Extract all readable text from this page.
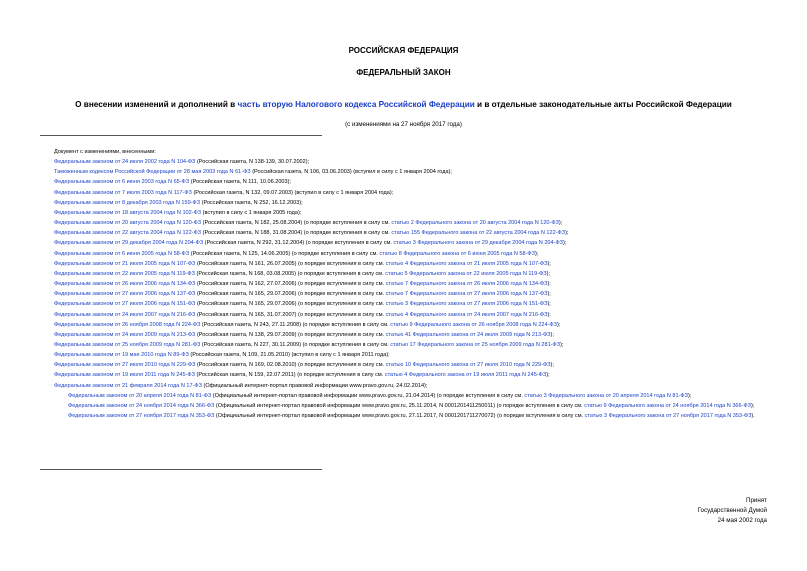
РОССИЙСКАЯ ФЕДЕРАЦИЯ
ФЕДЕРАЛЬНЫЙ ЗАКОН
О внесении изменений и дополнений в часть вторую Налогового кодекса Российской Федерации и в отдельные законодательные акты Российской Федерации
(с изменениями на 27 ноября 2017 года)
Документ с изменениями, внесенными:
Федеральным законом от 24 июля 2002 года N 104-ФЗ (Российская газета, N 138-139, 30.07.2002);
Таможенным кодексом Российской Федерации от 28 мая 2003 года N 61-ФЗ (Российская газета, N 106, 03.06.2003) (вступил в силу с 1 января 2004 года);
Федеральным законом от 6 июня 2003 года N 65-ФЗ (Российская газета, N 111, 10.06.2003);
Федеральным законом от 7 июля 2003 года N 117-ФЗ (Российская газета, N 132, 09.07.2003) (вступил в силу с 1 января 2004 года);
Федеральным законом от 8 декабря 2003 года N 159-ФЗ (Российская газета, N 252, 16.12.2003);
Федеральным законом от 18 августа 2004 года N 102-ФЗ (вступил в силу с 1 января 2005 года);
Федеральным законом от 20 августа 2004 года N 120-ФЗ (Российская газета, N 182, 25.08.2004) (о порядке вступления в силу см. статью 2 Федерального закона от 20 августа 2004 года N 120-ФЗ);
Федеральным законом от 22 августа 2004 года N 122-ФЗ (Российская газета, N 188, 31.08.2004) (о порядке вступления в силу см. статью 155 Федерального закона от 22 августа 2004 года N 122-ФЗ);
Федеральным законом от 29 декабря 2004 года N 204-ФЗ (Российская газета, N 292, 31.12.2004) (о порядке вступления в силу см. статью 3 Федерального закона от 29 декабря 2004 года N 204-ФЗ);
Федеральным законом от 6 июня 2005 года N 58-ФЗ (Российская газета, N 125, 14.06.2005) (о порядке вступления в силу см. статью 8 Федерального закона от 6 июня 2005 года N 58-ФЗ);
Федеральным законом от 21 июля 2005 года N 107-ФЗ (Российская газета, N 161, 26.07.2005) (о порядке вступления в силу см. статью 4 Федерального закона от 21 июля 2005 года N 107-ФЗ);
Федеральным законом от 22 июля 2005 года N 119-ФЗ (Российская газета, N 168, 03.08.2005) (о порядке вступления в силу см. статью 5 Федерального закона от 22 июля 2005 года N 119-ФЗ);
Федеральным законом от 26 июля 2006 года N 134-ФЗ (Российская газета, N 162, 27.07.2006) (о порядке вступления в силу см. статью 7 Федерального закона от 26 июля 2006 года N 134-ФЗ);
Федеральным законом от 27 июля 2006 года N 137-ФЗ (Российская газета, N 165, 29.07.2006) (о порядке вступления в силу см. статью 7 Федерального закона от 27 июля 2006 года N 137-ФЗ);
Федеральным законом от 27 июля 2006 года N 151-ФЗ (Российская газета, N 165, 29.07.2006) (о порядке вступления в силу см. статью 3 Федерального закона от 27 июля 2006 года N 151-ФЗ);
Федеральным законом от 24 июля 2007 года N 216-ФЗ (Российская газета, N 165, 31.07.2007) (о порядке вступления в силу см. статью 4 Федерального закона от 24 июля 2007 года N 216-ФЗ);
Федеральным законом от 26 ноября 2008 года N 224-ФЗ (Российская газета, N 243, 27.11.2008) (о порядке вступления в силу см. статью 9 Федерального закона от 26 ноября 2008 года N 224-ФЗ);
Федеральным законом от 24 июля 2009 года N 213-ФЗ (Российская газета, N 138, 29.07.2009) (о порядке вступления в силу см. статью 41 Федерального закона от 24 июля 2009 года N 213-ФЗ);
Федеральным законом от 25 ноября 2009 года N 281-ФЗ (Российская газета, N 227, 30.11.2009) (о порядке вступления в силу см. статью 17 Федерального закона от 25 ноября 2009 года N 281-ФЗ);
Федеральным законом от 19 мая 2010 года N 89-ФЗ (Российская газета, N 109, 21.05.2010) (вступил в силу с 1 января 2011 года);
Федеральным законом от 27 июля 2010 года N 229-ФЗ (Российская газета, N 169, 02.08.2010) (о порядке вступления в силу см. статью 10 Федерального закона от 27 июля 2010 года N 229-ФЗ);
Федеральным законом от 19 июля 2011 года N 245-ФЗ (Российская газета, N 159, 22.07.2011) (о порядке вступления в силу см. статью 4 Федерального закона от 19 июля 2011 года N 245-ФЗ);
Федеральным законом от 21 февраля 2014 года N 17-ФЗ (Официальный интернет-портал правовой информации www.pravo.gov.ru, 24.02.2014);
Федеральным законом от 20 апреля 2014 года N 81-ФЗ (Официальный интернет-портал правовой информации www.pravo.gov.ru, 21.04.2014) (о порядке вступления в силу см. статью 3 Федерального закона от 20 апреля 2014 года N 81-ФЗ);
Федеральным законом от 24 ноября 2014 года N 366-ФЗ (Официальный интернет-портал правовой информации www.pravo.gov.ru, 25.11.2014, N 0001201411250011) (о порядке вступления в силу см. статью 9 Федерального закона от 24 ноября 2014 года N 366-ФЗ);
Федеральным законом от 27 ноября 2017 года N 353-ФЗ (Официальный интернет-портал правовой информации www.pravo.gov.ru, 27.11.2017, N 0001201711270072) (о порядке вступления в силу см. статью 3 Федерального закона от 27 ноября 2017 года N 353-ФЗ).
Принят
Государственной Думой
24 мая 2002 года
